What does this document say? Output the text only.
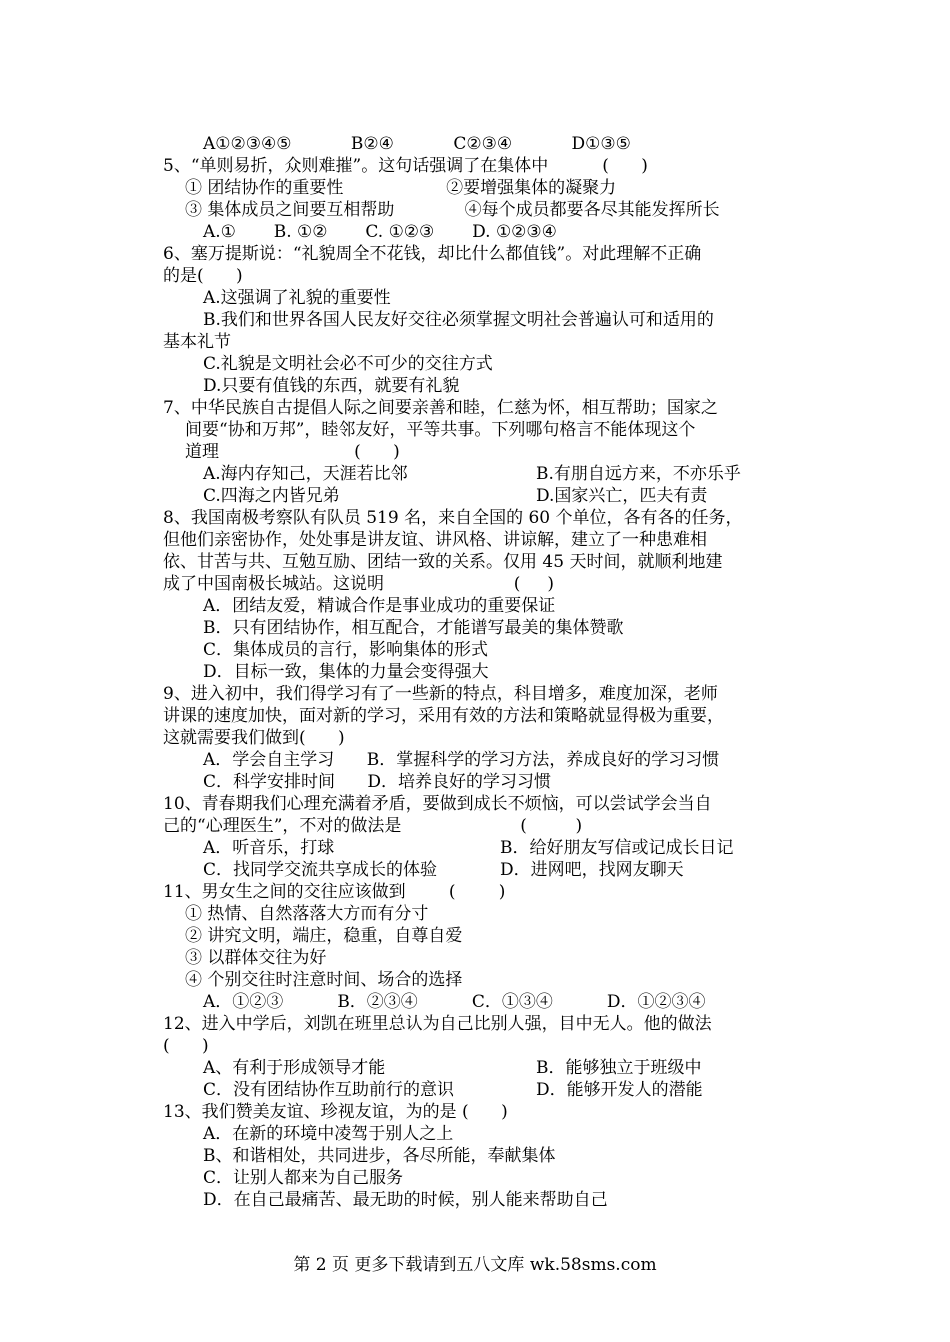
A①②③④⑤           B②④           C②③④           D①③⑤
5、“单则易折，众则难摧”。这句话强调了在集体中          (      )
① 团结协作的重要性                   ②要增强集体的凝聚力
③ 集体成员之间要互相帮助             ④每个成员都要各尽其能发挥所长
A.①       B. ①②       C. ①②③       D. ①②③④
6、塞万提斯说：“礼貌周全不花钱，却比什么都值钱”。对此理解不正确
的是(      )
A.这强调了礼貌的重要性
B.我们和世界各国人民友好交往必须掌握文明社会普遍认可和适用的
基本礼节
C.礼貌是文明社会必不可少的交往方式
D.只要有值钱的东西，就要有礼貌
7、中华民族自古提倡人际之间要亲善和睦，仁慈为怀，相互帮助；国家之
间要“协和万邦”，睦邻友好，平等共事。下列哪句格言不能体现这个
道理                         (      )
A.海内存知己，天涯若比邻	B.有朋自远方来，不亦乐乎
C.四海之内皆兄弟	D.国家兴亡，匹夫有责
8、我国南极考察队有队员 519 名，来自全国的 60 个单位，各有各的任务，
但他们亲密协作，处处事是讲友谊、讲风格、讲谅解，建立了一种患难相
依、甘苦与共、互勉互励、团结一致的关系。仅用 45 天时间，就顺利地建
成了中国南极长城站。这说明                        (     )
A．团结友爱，精诚合作是事业成功的重要保证
B．只有团结协作，相互配合，才能谱写最美的集体赞歌
C．集体成员的言行，影响集体的形式
D．目标一致，集体的力量会变得强大
9、进入初中，我们得学习有了一些新的特点，科目增多，难度加深，老师
讲课的速度加快，面对新的学习，采用有效的方法和策略就显得极为重要，
这就需要我们做到(      )
A．学会自主学习      B．掌握科学的学习方法，养成良好的学习习惯
C．科学安排时间      D．培养良好的学习习惯
10、青春期我们心理充满着矛盾，要做到成长不烦恼，可以尝试学会当自
己的“心理医生”，不对的做法是                      (         )
A．听音乐，打球	B．给好朋友写信或记成长日记
C．找同学交流共享成长的体验	D．进网吧，找网友聊天
11、男女生之间的交往应该做到        (        )
① 热情、自然落落大方而有分寸
② 讲究文明，端庄，稳重，自尊自爱
③ 以群体交往为好
④ 个别交往时注意时间、场合的选择
A．①②③          B．②③④          C．①③④          D．①②③④
12、进入中学后，刘凯在班里总认为自己比别人强，目中无人。他的做法
(      )
A、有利于形成领导才能	B．能够独立于班级中
C．没有团结协作互助前行的意识	D．能够开发人的潜能
13、我们赞美友谊、珍视友谊，为的是 (      )
A．在新的环境中凌驾于别人之上
B、和谐相处，共同进步，各尽所能，奉献集体
C．让别人都来为自己服务
D．在自己最痛苦、最无助的时候，别人能来帮助自己
第 2 页 更多下载请到五八文库 wk.58sms.com
